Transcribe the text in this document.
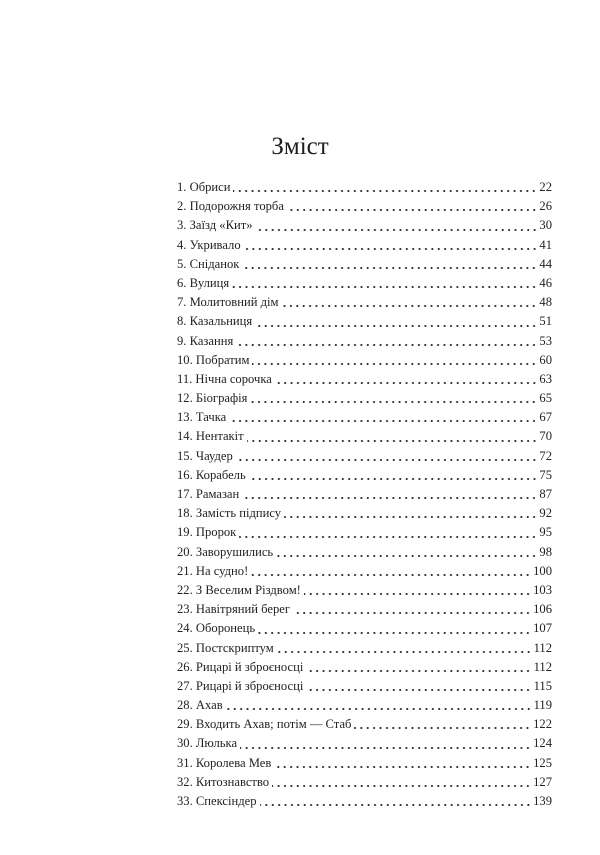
Зміст
1. Обриси	22
2. Подорожня торба	26
3. Заїзд «Кит»	30
4. Укривало	41
5. Сніданок	44
6. Вулиця	46
7. Молитовний дім	48
8. Казальниця	51
9. Казання	53
10. Побратим	60
11. Нічна сорочка	63
12. Біографія	65
13. Тачка	67
14. Нентакіт	70
15. Чаудер	72
16. Корабель	75
17. Рамазан	87
18. Замість підпису	92
19. Пророк	95
20. Заворушились	98
21. На судно!	100
22. З Веселим Різдвом!	103
23. Навітряний берег	106
24. Оборонець	107
25. Постскриптум	112
26. Рицарі й зброєносці	112
27. Рицарі й зброєносці	115
28. Ахав	119
29. Входить Ахав; потім — Стаб	122
30. Люлька	124
31. Королева Мев	125
32. Китознавство	127
33. Спексіндер	139
